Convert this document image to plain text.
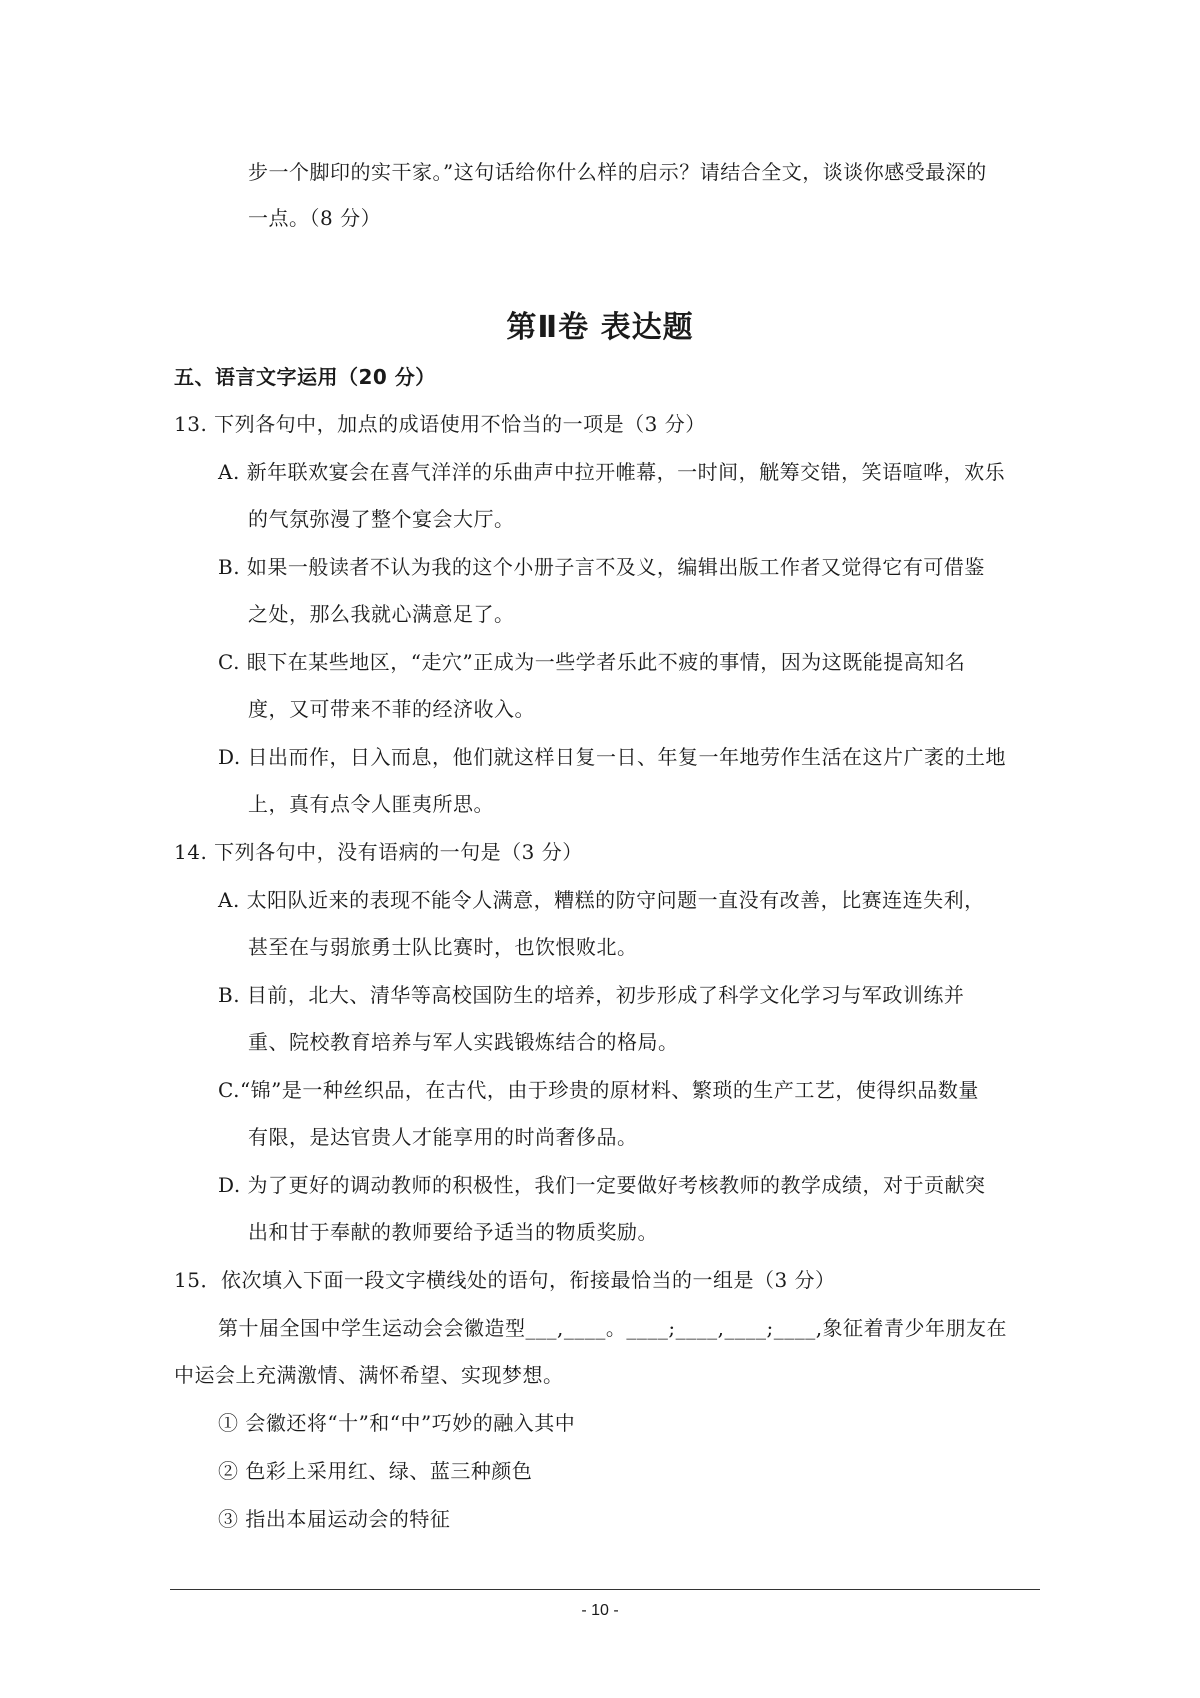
步一个脚印的实干家。”这句话给你什么样的启示？请结合全文，谈谈你感受最深的
一点。（8 分）
第Ⅱ卷 表达题
五、语言文字运用（20 分）
13. 下列各句中，加点的成语使用不恰当的一项是（3 分）
A. 新年联欢宴会在喜气洋洋的乐曲声中拉开帷幕，一时间，觥筹交错，笑语喧哗，欢乐
的气氛弥漫了整个宴会大厅。
B. 如果一般读者不认为我的这个小册子言不及义，编辑出版工作者又觉得它有可借鉴
之处，那么我就心满意足了。
C. 眼下在某些地区，“走穴”正成为一些学者乐此不疲的事情，因为这既能提高知名
度，又可带来不菲的经济收入。
D. 日出而作，日入而息，他们就这样日复一日、年复一年地劳作生活在这片广袤的土地
上，真有点令人匪夷所思。
14. 下列各句中，没有语病的一句是（3 分）
A. 太阳队近来的表现不能令人满意，糟糕的防守问题一直没有改善，比赛连连失利，
甚至在与弱旅勇士队比赛时，也饮恨败北。
B. 目前，北大、清华等高校国防生的培养，初步形成了科学文化学习与军政训练并
重、院校教育培养与军人实践锻炼结合的格局。
C.“锦”是一种丝织品，在古代，由于珍贵的原材料、繁琐的生产工艺，使得织品数量
有限，是达官贵人才能享用的时尚奢侈品。
D. 为了更好的调动教师的积极性，我们一定要做好考核教师的教学成绩，对于贡献突
出和甘于奉献的教师要给予适当的物质奖励。
15．依次填入下面一段文字横线处的语句，衔接最恰当的一组是（3 分）
第十届全国中学生运动会会徽造型___,____。____;____,____;____,象征着青少年朋友在
中运会上充满激情、满怀希望、实现梦想。
① 会徽还将“十”和“中”巧妙的融入其中
② 色彩上采用红、绿、蓝三种颜色
③ 指出本届运动会的特征
- 10 -
